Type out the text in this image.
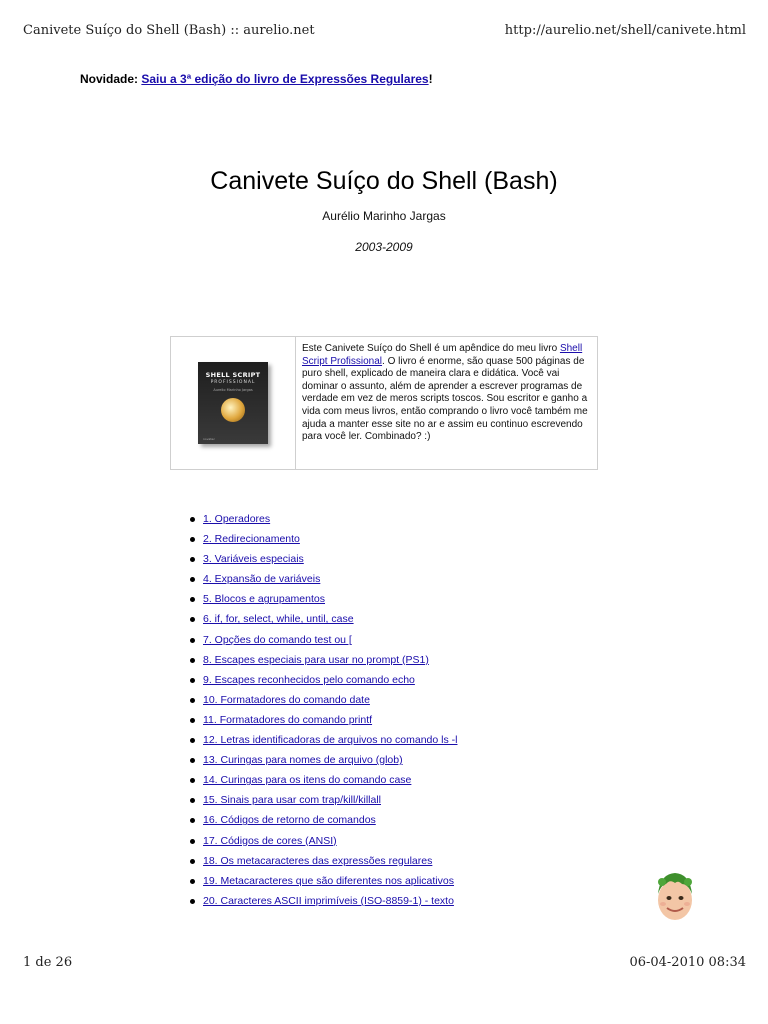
Canivete Suíço do Shell (Bash) :: aurelio.net	http://aurelio.net/shell/canivete.html
Novidade: Saiu a 3ª edição do livro de Expressões Regulares!
Canivete Suíço do Shell (Bash)
Aurélio Marinho Jargas
2003-2009
SHELL SCRIPT
PROFISSIONAL
Aurelio Marinho Jargas
novatec
Este Canivete Suíço do Shell é um apêndice do meu livro Shell Script Profissional. O livro é enorme, são quase 500 páginas de puro shell, explicado de maneira clara e didática. Você vai dominar o assunto, além de aprender a escrever programas de verdade em vez de meros scripts toscos. Sou escritor e ganho a vida com meus livros, então comprando o livro você também me ajuda a manter esse site no ar e assim eu continuo escrevendo para você ler. Combinado? :)
1. Operadores
2. Redirecionamento
3. Variáveis especiais
4. Expansão de variáveis
5. Blocos e agrupamentos
6. if, for, select, while, until, case
7. Opções do comando test ou [
8. Escapes especiais para usar no prompt (PS1)
9. Escapes reconhecidos pelo comando echo
10. Formatadores do comando date
11. Formatadores do comando printf
12. Letras identificadoras de arquivos no comando ls -l
13. Curingas para nomes de arquivo (glob)
14. Curingas para os itens do comando case
15. Sinais para usar com trap/kill/killall
16. Códigos de retorno de comandos
17. Códigos de cores (ANSI)
18. Os metacaracteres das expressões regulares
19. Metacaracteres que são diferentes nos aplicativos
20. Caracteres ASCII imprimíveis (ISO-8859-1) - texto
1 de 26	06-04-2010 08:34
